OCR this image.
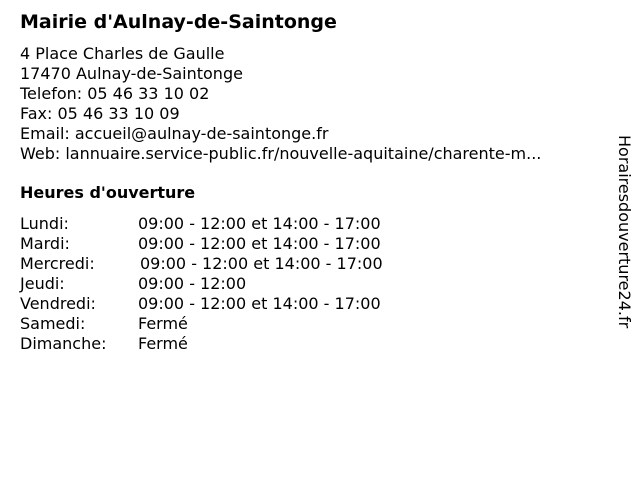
Mairie d'Aulnay-de-Saintonge
4 Place Charles de Gaulle
17470 Aulnay-de-Saintonge
Telefon: 05 46 33 10 02
Fax: 05 46 33 10 09
Email: accueil@aulnay-de-saintonge.fr
Web: lannuaire.service-public.fr/nouvelle-aquitaine/charente-m...
Heures d'ouverture
Lundi:	09:00 - 12:00 et 14:00 - 17:00
Mardi:	09:00 - 12:00 et 14:00 - 17:00
Mercredi:	09:00 - 12:00 et 14:00 - 17:00
Jeudi:	09:00 - 12:00
Vendredi:	09:00 - 12:00 et 14:00 - 17:00
Samedi:	Fermé
Dimanche: Fermé
Horairesdouverture24.fr
